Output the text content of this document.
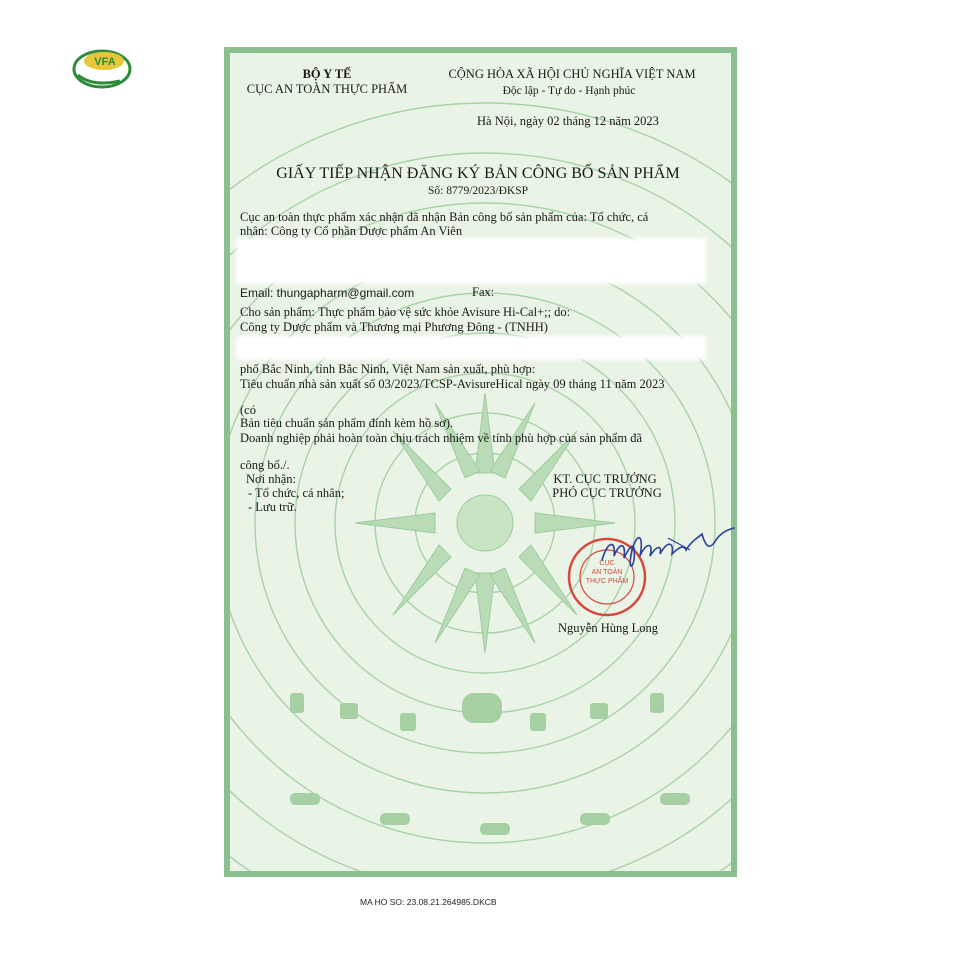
VFA
BỘ Y TẾ
CỤC AN TOÀN THỰC PHẨM
CỘNG HÒA XÃ HỘI CHỦ NGHĨA VIỆT NAM
Độc lập - Tự do - Hạnh phúc
Hà Nội, ngày 02 tháng 12 năm 2023
GIẤY TIẾP NHẬN ĐĂNG KÝ BẢN CÔNG BỐ SẢN PHẨM
Số: 8779/2023/ĐKSP
Cục an toàn thực phẩm xác nhận đã nhận Bản công bố sản phẩm của: Tổ chức, cá
nhân: Công ty Cổ phần Dược phẩm An Viên
Email: thungapharm@gmail.com	Fax:
Cho sản phẩm: Thực phẩm bảo vệ sức khỏe Avisure Hi-Cal+;; do:
Công ty Dược phẩm và Thương mại Phương Đông - (TNHH)
phố Bắc Ninh, tỉnh Bắc Ninh, Việt Nam sản xuất, phù hợp:
Tiêu chuẩn nhà sản xuất số 03/2023/TCSP-AvisureHical ngày 09 tháng 11 năm 2023
(có
Bản tiêu chuẩn sản phẩm đính kèm hồ sơ).
Doanh nghiệp phải hoàn toàn chịu trách nhiệm về tính phù hợp của sản phẩm đã
công bố./.
Nơi nhận:
- Tổ chức, cá nhân;
- Lưu trữ.
KT. CỤC TRƯỞNG
PHÓ CỤC TRƯỞNG
CỤC
AN TOÀN
THỰC PHẨM
Nguyễn Hùng Long
MA HO SO: 23.08.21.264985.DKCB
